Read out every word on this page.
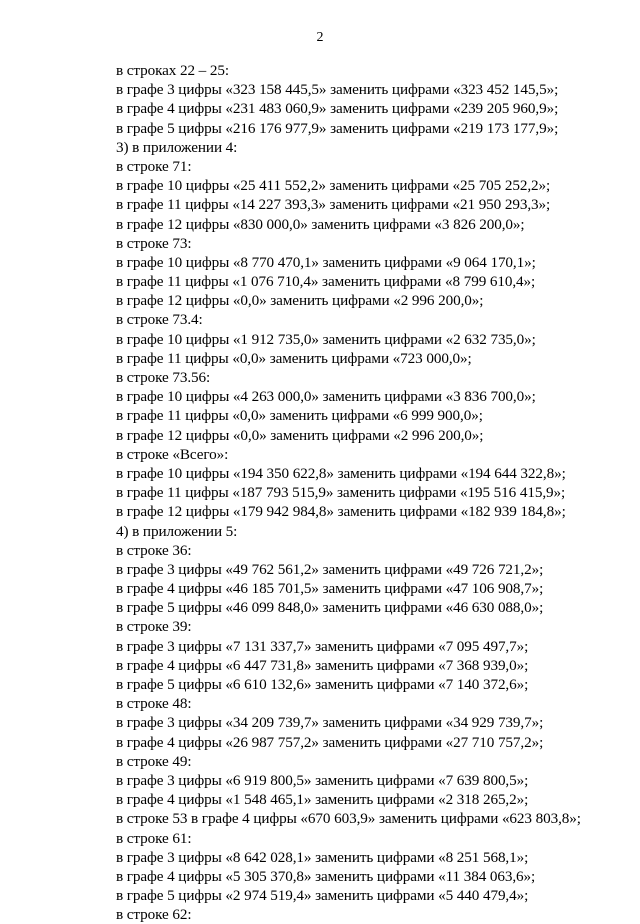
2
в строках 22 – 25:
в графе 3 цифры «323 158 445,5» заменить цифрами «323 452 145,5»;
в графе 4 цифры «231 483 060,9» заменить цифрами «239 205 960,9»;
в графе 5 цифры «216 176 977,9» заменить цифрами «219 173 177,9»;
3) в приложении 4:
в строке 71:
в графе 10 цифры «25 411 552,2» заменить цифрами «25 705 252,2»;
в графе 11 цифры «14 227 393,3» заменить цифрами «21 950 293,3»;
в графе 12 цифры «830 000,0» заменить цифрами «3 826 200,0»;
в строке 73:
в графе 10 цифры «8 770 470,1» заменить цифрами «9 064 170,1»;
в графе 11 цифры «1 076 710,4» заменить цифрами «8 799 610,4»;
в графе 12 цифры «0,0» заменить цифрами «2 996 200,0»;
в строке 73.4:
в графе 10 цифры «1 912 735,0» заменить цифрами «2 632 735,0»;
в графе 11 цифры «0,0» заменить цифрами «723 000,0»;
в строке 73.56:
в графе 10 цифры «4 263 000,0» заменить цифрами «3 836 700,0»;
в графе 11 цифры «0,0» заменить цифрами «6 999 900,0»;
в графе 12 цифры «0,0» заменить цифрами «2 996 200,0»;
в строке «Всего»:
в графе 10 цифры «194 350 622,8» заменить цифрами «194 644 322,8»;
в графе 11 цифры «187 793 515,9» заменить цифрами «195 516 415,9»;
в графе 12 цифры «179 942 984,8» заменить цифрами «182 939 184,8»;
4) в приложении 5:
в строке 36:
в графе 3 цифры «49 762 561,2» заменить цифрами «49 726 721,2»;
в графе 4 цифры «46 185 701,5» заменить цифрами «47 106 908,7»;
в графе 5 цифры «46 099 848,0» заменить цифрами «46 630 088,0»;
в строке 39:
в графе 3 цифры «7 131 337,7» заменить цифрами «7 095 497,7»;
в графе 4 цифры «6 447 731,8» заменить цифрами «7 368 939,0»;
в графе 5 цифры «6 610 132,6» заменить цифрами «7 140 372,6»;
в строке 48:
в графе 3 цифры «34 209 739,7» заменить цифрами «34 929 739,7»;
в графе 4 цифры «26 987 757,2» заменить цифрами «27 710 757,2»;
в строке 49:
в графе 3 цифры «6 919 800,5» заменить цифрами «7 639 800,5»;
в графе 4 цифры «1 548 465,1» заменить цифрами «2 318 265,2»;
в строке 53 в графе 4 цифры «670 603,9» заменить цифрами «623 803,8»;
в строке 61:
в графе 3 цифры «8 642 028,1» заменить цифрами «8 251 568,1»;
в графе 4 цифры «5 305 370,8» заменить цифрами «11 384 063,6»;
в графе 5 цифры «2 974 519,4» заменить цифрами «5 440 479,4»;
в строке 62:
